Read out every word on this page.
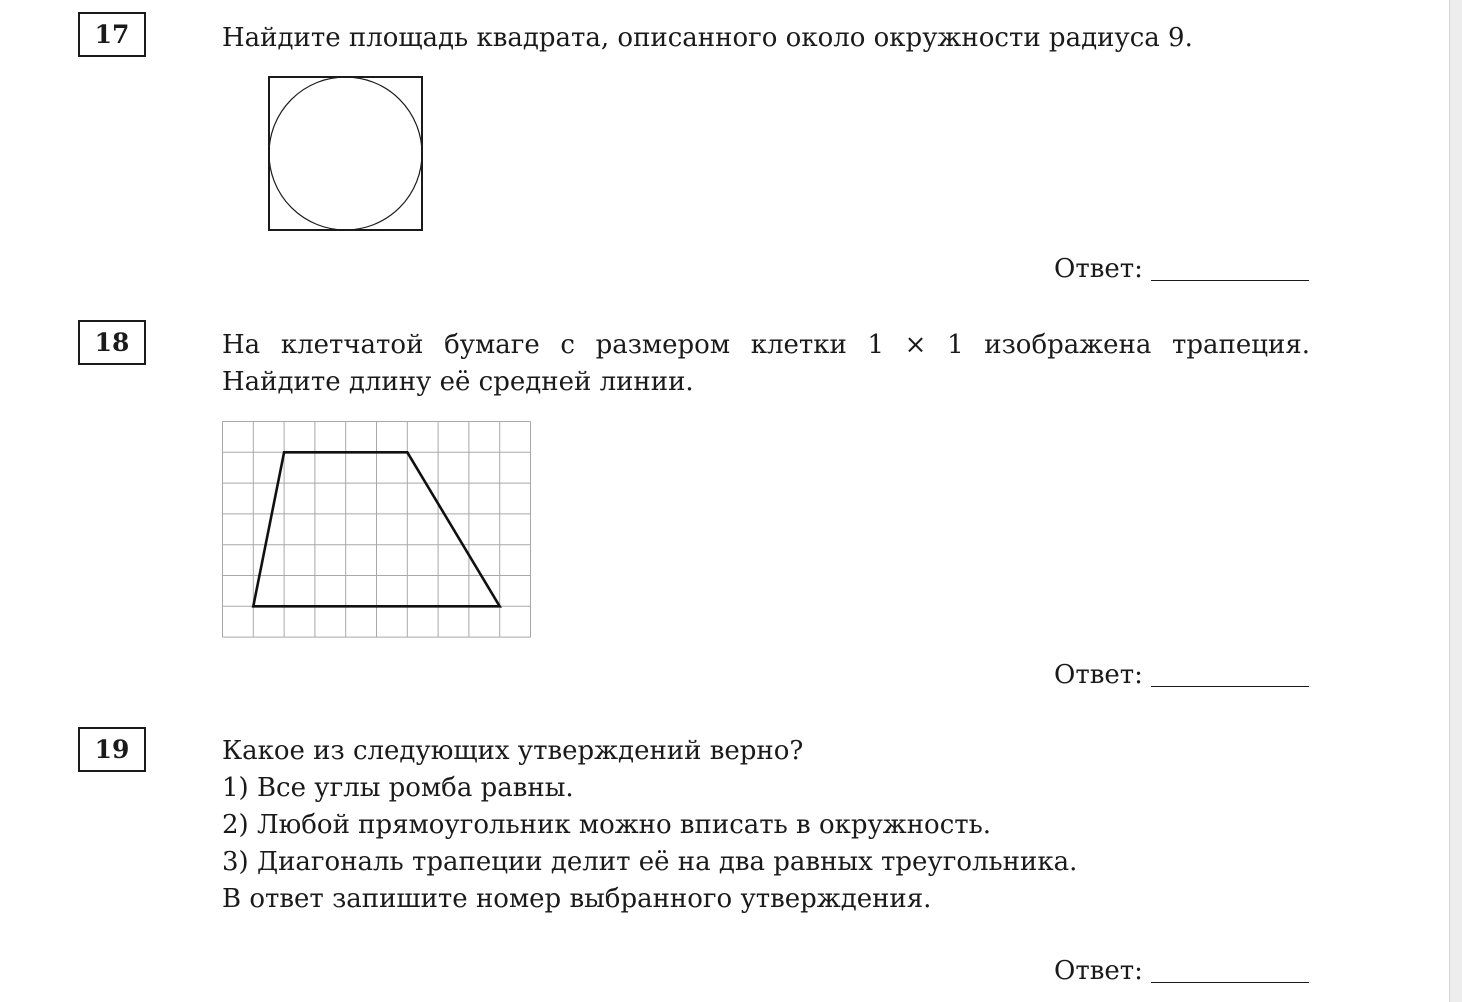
17	Найдите площадь квадрата, описанного около окружности радиуса 9.
Ответ:
18	На клетчатой бумаге с размером клетки 1 × 1 изображена трапеция. Найдите длину её средней линии.
Ответ:
19	Какое из следующих утверждений верно?

1) Все углы ромба равны.

2) Любой прямоугольник можно вписать в окружность.

3) Диагональ трапеции делит её на два равных треугольника.

В ответ запишите номер выбранного утверждения.

Ответ:
